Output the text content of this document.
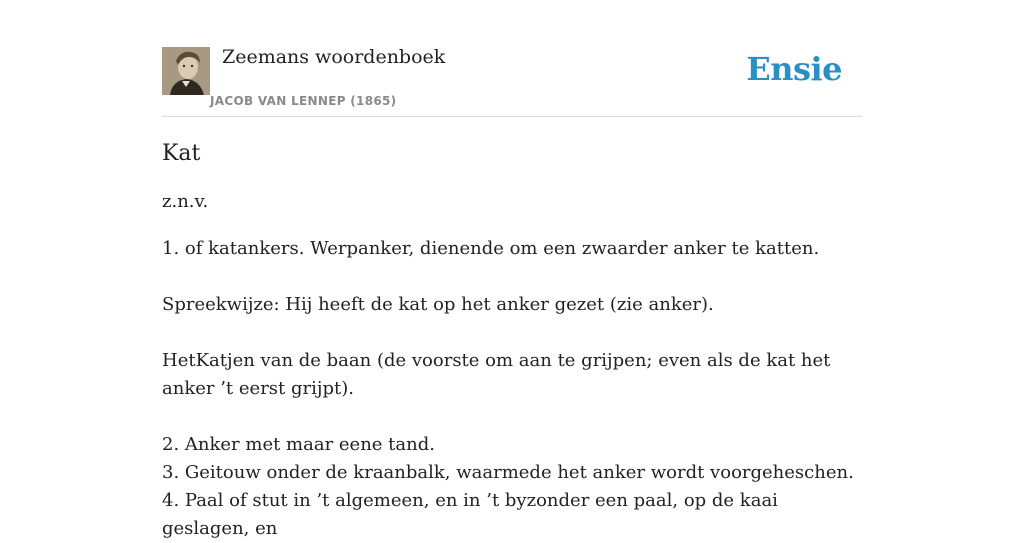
Zeemans woordenboek
JACOB VAN LENNEP (1865)
Ensie
Kat

z.n.v.

1. of katankers. Werpanker, dienende om een zwaarder anker te katten.
Spreekwijze: Hij heeft de kat op het anker gezet (zie anker).
HetKatjen van de baan (de voorste om aan te grijpen; even als de kat het anker ’t eerst grijpt).
2. Anker met maar eene tand.
3. Geitouw onder de kraanbalk, waarmede het anker wordt voorgeheschen.
4. Paal of stut in ’t algemeen, en in ’t byzonder een paal, op de kaai geslagen, en
